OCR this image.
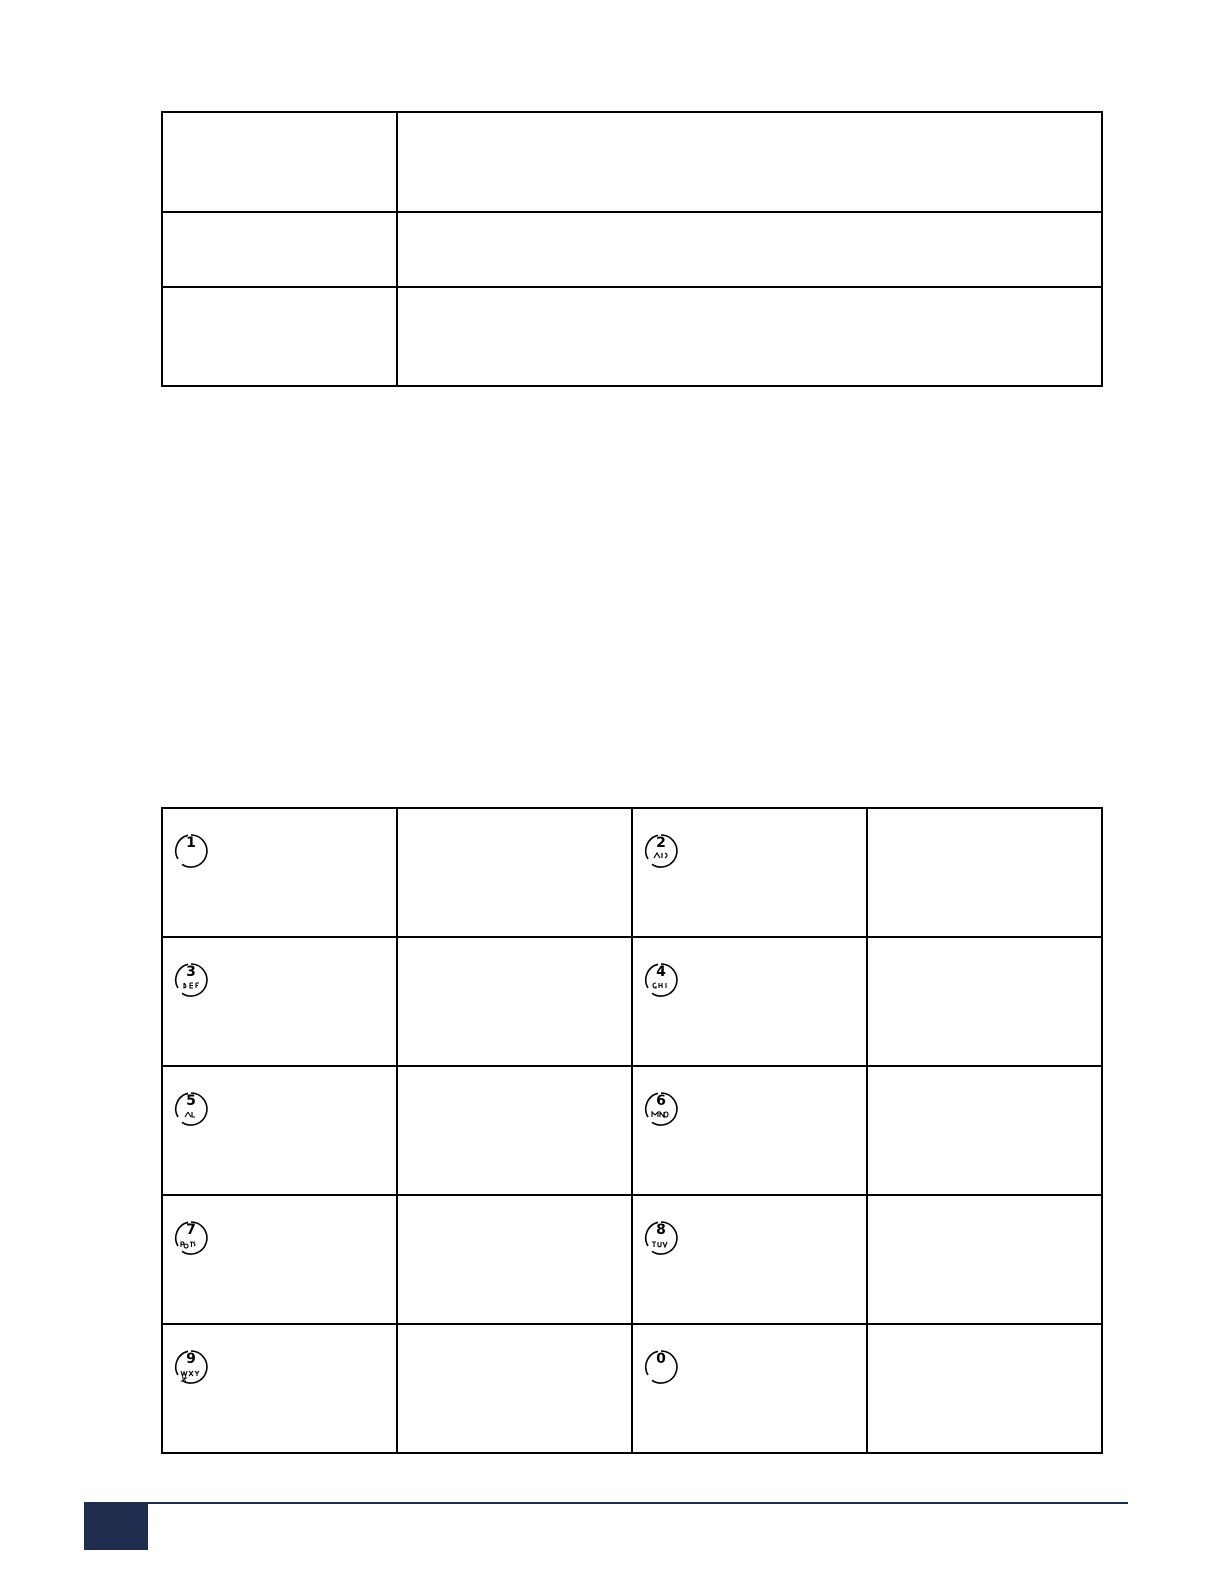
1		2	

3		4	

5		6	

7		8	

9		0	
